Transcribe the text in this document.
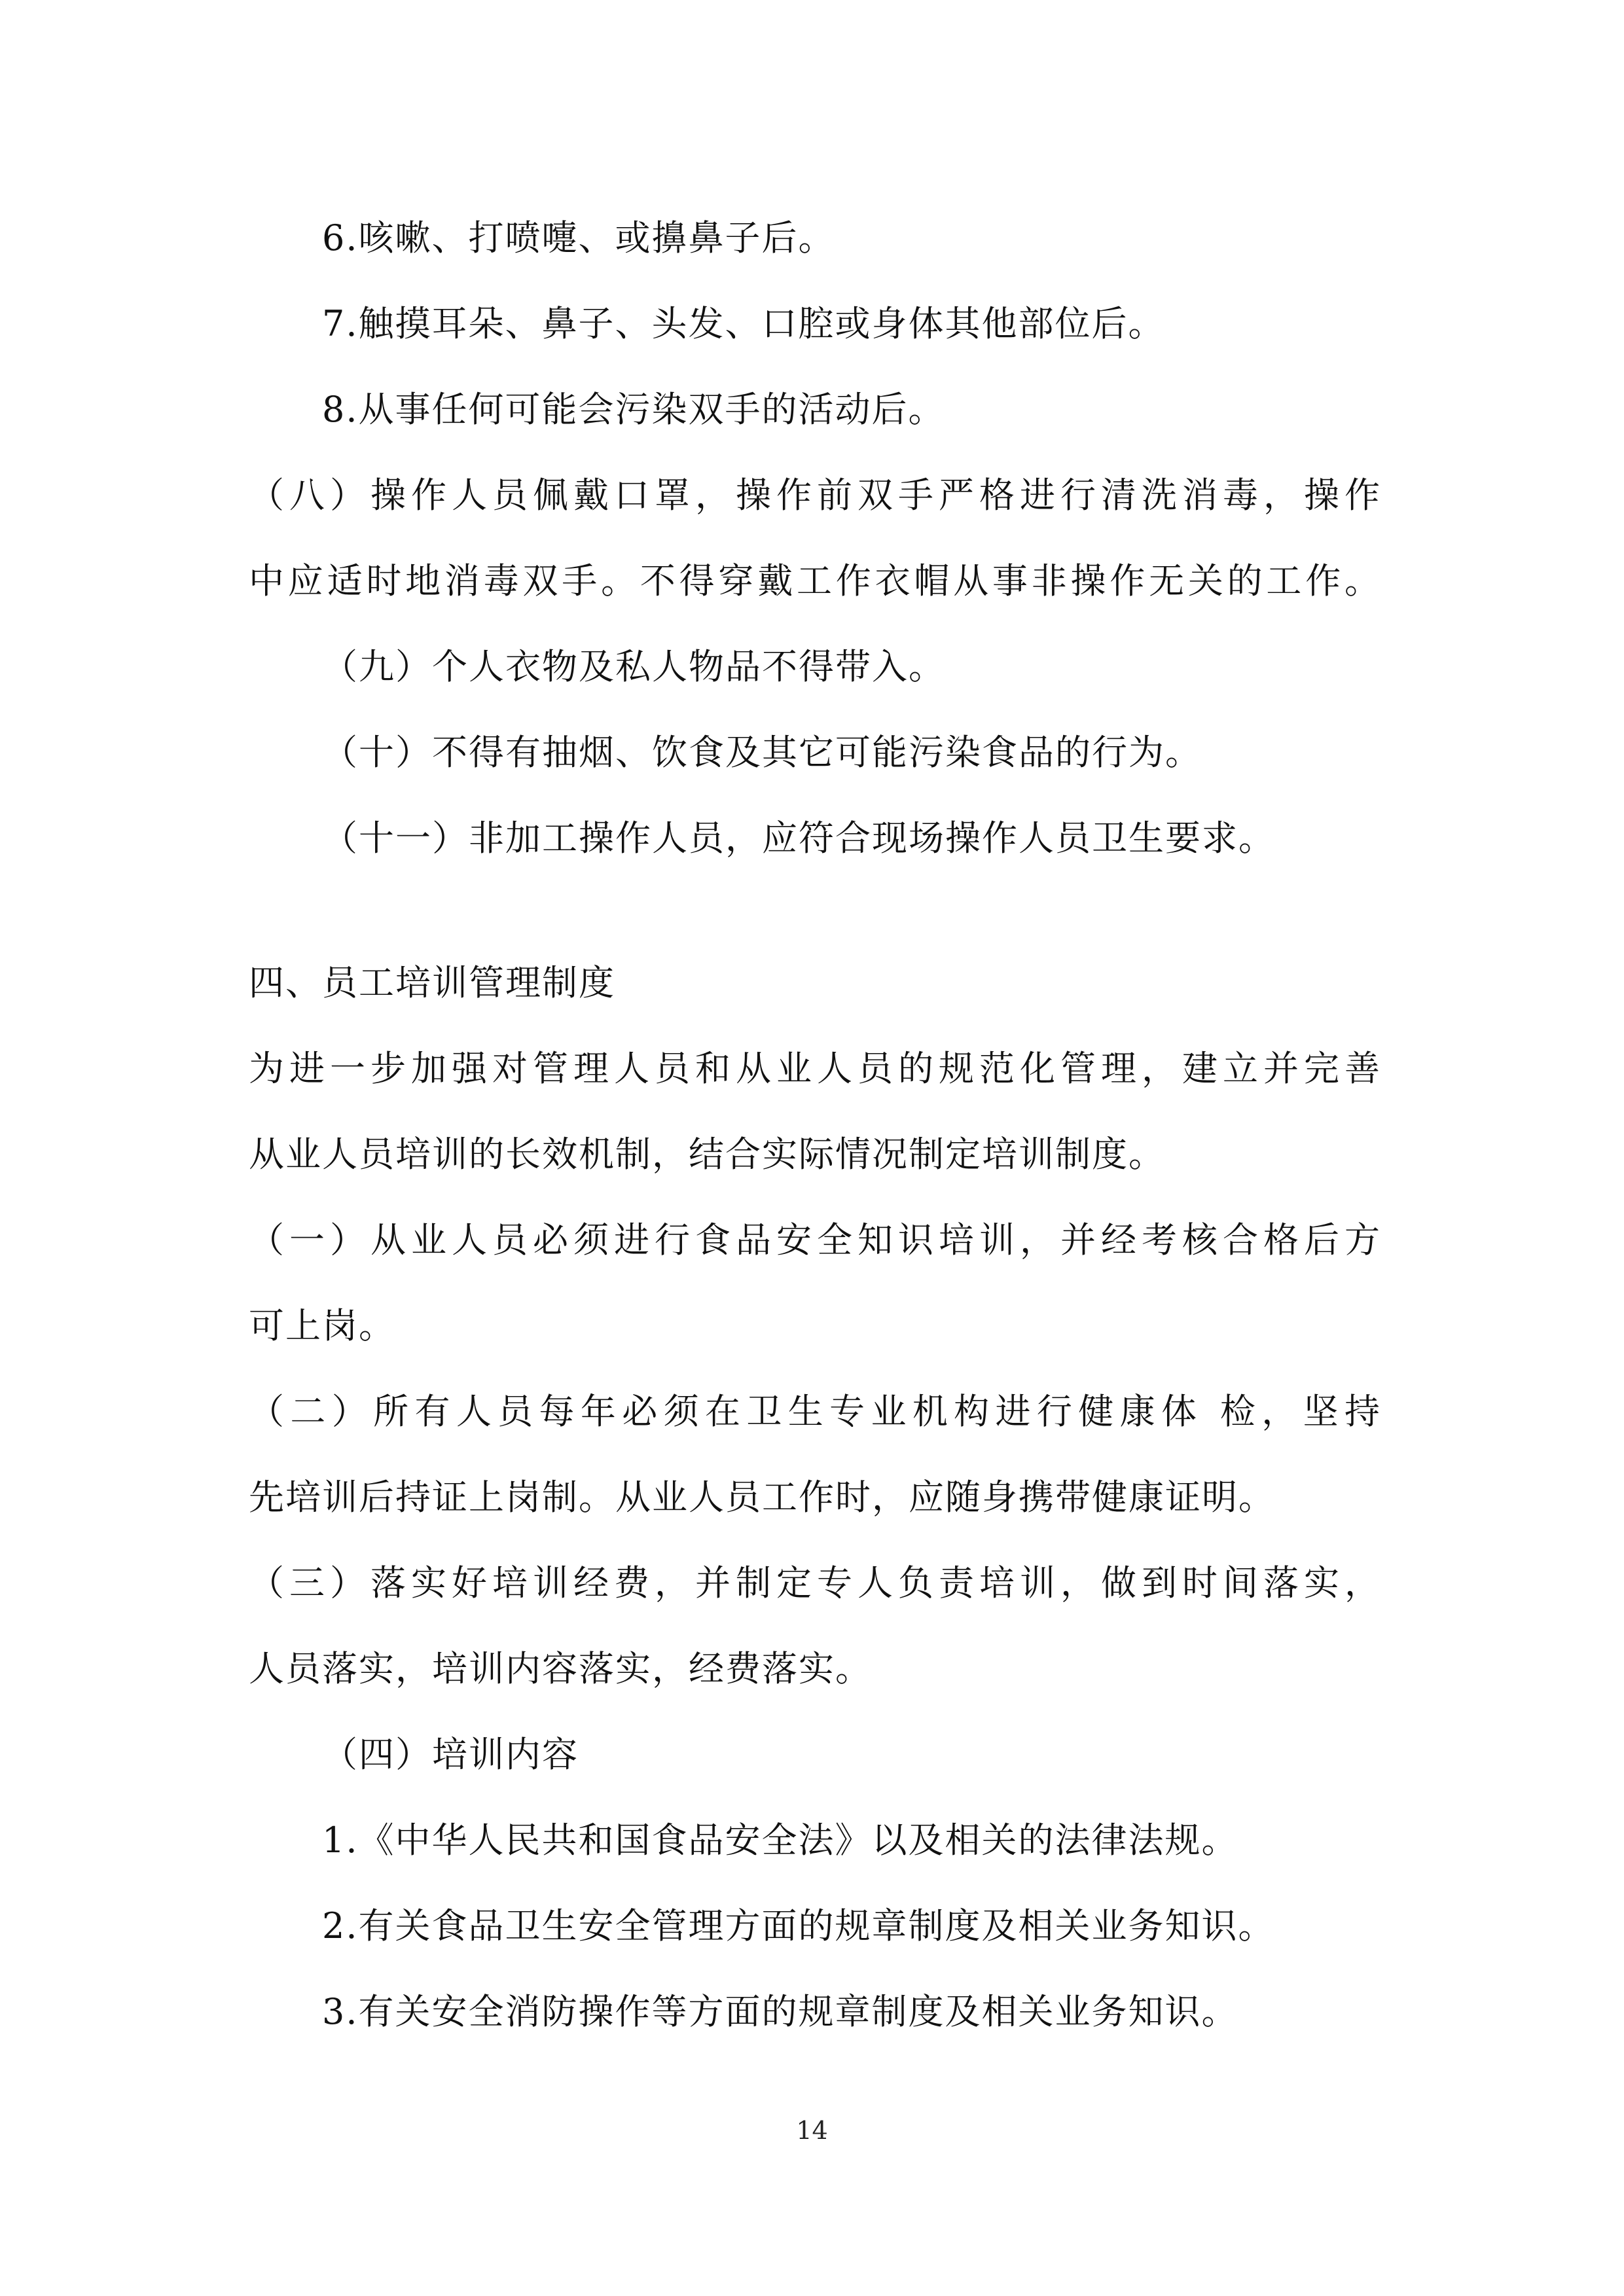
6.咳嗽、打喷嚏、或擤鼻子后。
7.触摸耳朵、鼻子、头发、口腔或身体其他部位后。
8.从事任何可能会污染双手的活动后。
（八）操作人员佩戴口罩，操作前双手严格进行清洗消毒，操作
中应适时地消毒双手。不得穿戴工作衣帽从事非操作无关的工作。
（九）个人衣物及私人物品不得带入。
（十）不得有抽烟、饮食及其它可能污染食品的行为。
（十一）非加工操作人员，应符合现场操作人员卫生要求。
四、员工培训管理制度
为进一步加强对管理人员和从业人员的规范化管理，建立并完善
从业人员培训的长效机制，结合实际情况制定培训制度。
（一）从业人员必须进行食品安全知识培训，并经考核合格后方
可上岗。
（二）所有人员每年必须在卫生专业机构进行健康体 检，坚持
先培训后持证上岗制。从业人员工作时，应随身携带健康证明。
（三）落实好培训经费，并制定专人负责培训，做到时间落实，
人员落实，培训内容落实，经费落实。
（四）培训内容
1.《中华人民共和国食品安全法》以及相关的法律法规。
2.有关食品卫生安全管理方面的规章制度及相关业务知识。
3.有关安全消防操作等方面的规章制度及相关业务知识。
14
